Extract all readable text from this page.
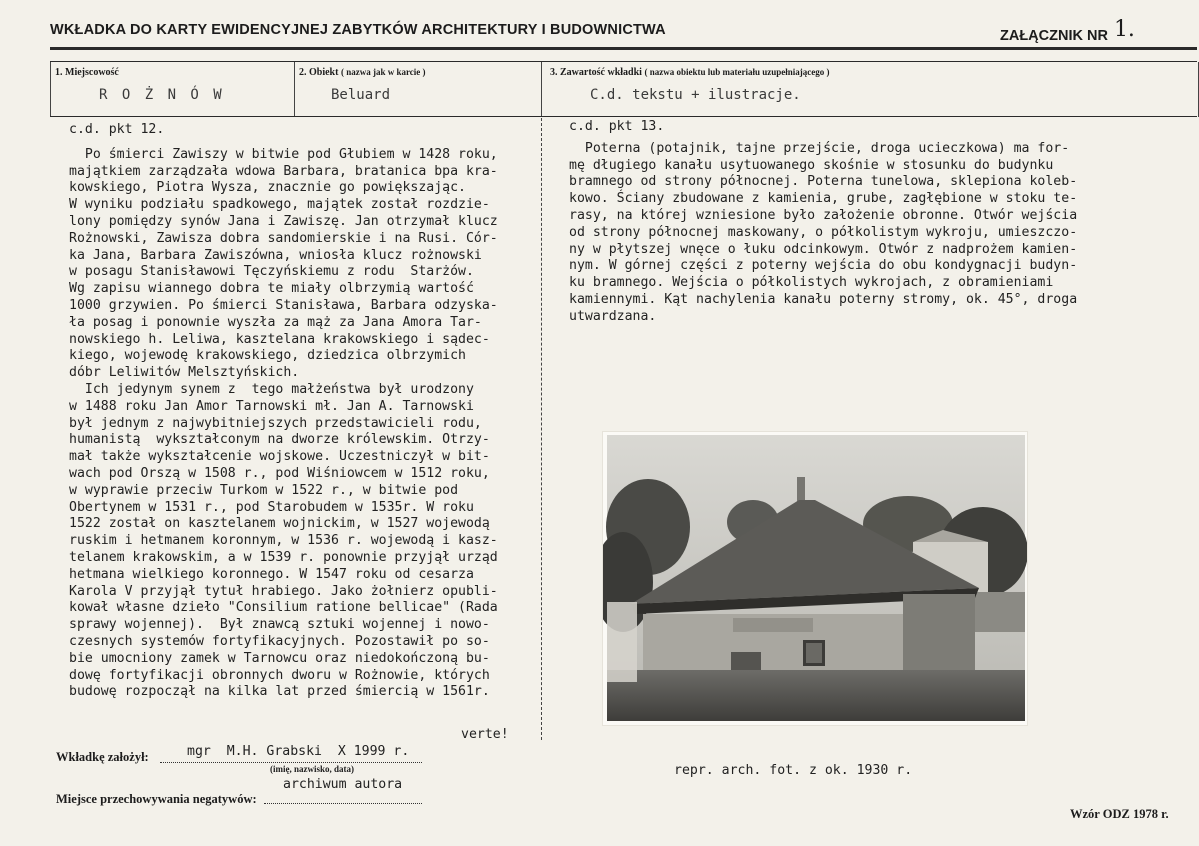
WKŁADKA DO KARTY EWIDENCYJNEJ ZABYTKÓW ARCHITEKTURY I BUDOWNICTWA	ZAŁĄCZNIK NR 1.
1. Miejscowość
R O Ż N Ó W
2. Obiekt ( nazwa jak w karcie )
Beluard
3. Zawartość wkładki ( nazwa obiektu lub materiału uzupełniającego )
C.d. tekstu + ilustracje.
c.d. pkt 12.
Po śmierci Zawiszy w bitwie pod Głubiem w 1428 roku,
majątkiem zarządzała wdowa Barbara, bratanica bpa kra-
kowskiego, Piotra Wysza, znacznie go powiększając.
W wyniku podziału spadkowego, majątek został rozdzie-
lony pomiędzy synów Jana i Zawiszę. Jan otrzymał klucz
Rożnowski, Zawisza dobra sandomierskie i na Rusi. Cór-
ka Jana, Barbara Zawiszówna, wniosła klucz rożnowski
w posagu Stanisławowi Tęczyńskiemu z rodu  Starżów.
Wg zapisu wiannego dobra te miały olbrzymią wartość
1000 grzywien. Po śmierci Stanisława, Barbara odzyska-
ła posag i ponownie wyszła za mąż za Jana Amora Tar-
nowskiego h. Leliwa, kasztelana krakowskiego i sądec-
kiego, wojewodę krakowskiego, dziedzica olbrzymich
dóbr Leliwitów Melsztyńskich.
Ich jedynym synem z  tego małżeństwa był urodzony
w 1488 roku Jan Amor Tarnowski mł. Jan A. Tarnowski
był jednym z najwybitniejszych przedstawicieli rodu,
humanistą  wykształconym na dworze królewskim. Otrzy-
mał także wykształcenie wojskowe. Uczestniczył w bit-
wach pod Orszą w 1508 r., pod Wiśniowcem w 1512 roku,
w wyprawie przeciw Turkom w 1522 r., w bitwie pod
Obertynem w 1531 r., pod Starobudem w 1535r. W roku
1522 został on kasztelanem wojnickim, w 1527 wojewodą
ruskim i hetmanem koronnym, w 1536 r. wojewodą i kasz-
telanem krakowskim, a w 1539 r. ponownie przyjął urząd
hetmana wielkiego koronnego. W 1547 roku od cesarza
Karola V przyjął tytuł hrabiego. Jako żołnierz opubli-
kował własne dzieło "Consilium ratione bellicae" (Rada
sprawy wojennej).  Był znawcą sztuki wojennej i nowo-
czesnych systemów fortyfikacyjnych. Pozostawił po so-
bie umocniony zamek w Tarnowcu oraz niedokończoną bu-
dowę fortyfikacji obronnych dworu w Rożnowie, których
budowę rozpoczął na kilka lat przed śmiercią w 1561r.
verte!
c.d. pkt 13.
Poterna (potajnik, tajne przejście, droga ucieczkowa) ma for-
mę długiego kanału usytuowanego skośnie w stosunku do budynku
bramnego od strony północnej. Poterna tunelowa, sklepiona koleb-
kowo. Ściany zbudowane z kamienia, grube, zagłębione w stoku te-
rasy, na której wzniesione było założenie obronne. Otwór wejścia
od strony północnej maskowany, o półkolistym wykroju, umieszczo-
ny w płytszej wnęce o łuku odcinkowym. Otwór z nadprożem kamien-
nym. W górnej części z poterny wejścia do obu kondygnacji budyn-
ku bramnego. Wejścia o półkolistych wykrojach, z obramieniami
kamiennymi. Kąt nachylenia kanału poterny stromy, ok. 45°, droga
utwardzana.
repr. arch. fot. z ok. 1930 r.
Wkładkę założył:	mgr  M.H. Grabski  X 1999 r.
(imię, nazwisko, data)
archiwum autora
Miejsce przechowywania negatywów:
Wzór ODZ 1978 r.
